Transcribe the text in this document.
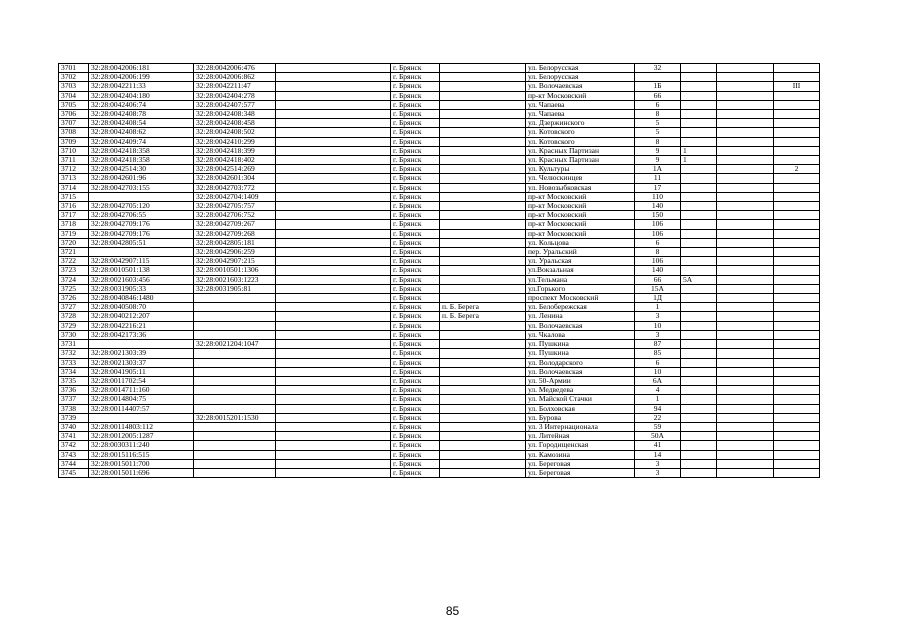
3701	32:28:0042006:181	32:28:0042006:476		г. Брянск		ул. Белорусская	32			
3702	32:28:0042006:199	32:28:0042006:862		г. Брянск		ул. Белорусская				
3703	32:28:0042211:33	32:28:0042211:47		г. Брянск		ул. Волочаевская	1Б			III
3704	32:28:0042404:180	32:28:0042404:278		г. Брянск		пр-кт Московский	66			
3705	32:28:0042406:74	32:28:0042407:577		г. Брянск		ул. Чапаева	6			
3706	32:28:0042408:78	32:28:0042408:348		г. Брянск		ул. Чапаева	8			
3707	32:28:0042408:54	32:28:0042408:458		г. Брянск		ул. Дзержинского	5			
3708	32:28:0042408:62	32:28:0042408:502		г. Брянск		ул. Котовского	5			
3709	32:28:0042409:74	32:28:0042410:299		г. Брянск		ул. Котовского	8			
3710	32:28:0042418:358	32:28:0042418:399		г. Брянск		ул. Красных Партизан	9	1		
3711	32:28:0042418:358	32:28:0042418:402		г. Брянск		ул. Красных Партизан	9	1		
3712	32:28:0042514:30	32:28:0042514:269		г. Брянск		ул. Культуры	1А			2
3713	32:28:0042601:96	32:28:0042601:304		г. Брянск		ул. Челюскинцев	11			
3714	32:28:0042703:155	32:28:0042703:772		г. Брянск		ул. Новозыбковская	17			
3715		32:28:0042704:1409		г. Брянск		пр-кт Московский	110			
3716	32:28:0042705:120	32:28:0042705:757		г. Брянск		пр-кт Московский	140			
3717	32:28:0042706:55	32:28:0042706:752		г. Брянск		пр-кт Московский	150			
3718	32:28:0042709:176	32:28:0042709:267		г. Брянск		пр-кт Московский	106			
3719	32:28:0042709:176	32:28:0042709:268		г. Брянск		пр-кт Московский	106			
3720	32:28:0042805:51	32:28:0042805:181		г. Брянск		ул. Кольцова	6			
3721		32:28:0042906:259		г. Брянск		пер. Уральский	8			
3722	32:28:0042907:115	32:28:0042907:215		г. Брянск		ул. Уральская	106			
3723	32:28:0010501:138	32:28:0010501:1306		г. Брянск		ул.Вокзальная	140			
3724	32:28:0021603:456	32:28:0021603:1223		г. Брянск		ул.Тельмана	66	5А		
3725	32:28:0031905:33	32:28:0031905:81		г. Брянск		ул.Горького	15А			
3726	32:28:0040846:1480			г. Брянск		проспект Московский	1Д			
3727	32:28:0040508:70			г. Брянск	п. Б. Берега	ул. Белобережская	1			
3728	32:28:0040212:207			г. Брянск	п. Б. Берега	ул. Ленина	3			
3729	32:28:0042216:21			г. Брянск		ул. Волочаевская	10			
3730	32:28:0042173:36			г. Брянск		ул. Чкалова	3			
3731		32:28:0021204:1047		г. Брянск		ул. Пушкина	87			
3732	32:28:0021303:39			г. Брянск		ул. Пушкина	85			
3733	32:28:0021303:37			г. Брянск		ул. Володарского	6			
3734	32:28:0041905:11			г. Брянск		ул. Волочаевская	10			
3735	32:28:0011702:54			г. Брянск		ул. 50-Армии	6А			
3736	32:28:0014711:160			г. Брянск		ул. Медведева	4			
3737	32:28:0014804:75			г. Брянск		ул. Майской Стачки	1			
3738	32:28:00114407:57			г. Брянск		ул. Болховская	94			
3739		32:28:0015201:1530		г. Брянск		ул. Бурова	22			
3740	32:28:00114803:112			г. Брянск		ул. 3 Интернационала	59			
3741	32:28:0012005:1287			г. Брянск		ул. Литейная	50А			
3742	32:28:0030311:240			г. Брянск		ул. Городищенская	41			
3743	32:28:0015116:515			г. Брянск		ул. Камозина	14			
3744	32:28:0015011:700			г. Брянск		ул. Береговая	3			
3745	32:28:0015011:696			г. Брянск		ул. Береговая	3			
85
